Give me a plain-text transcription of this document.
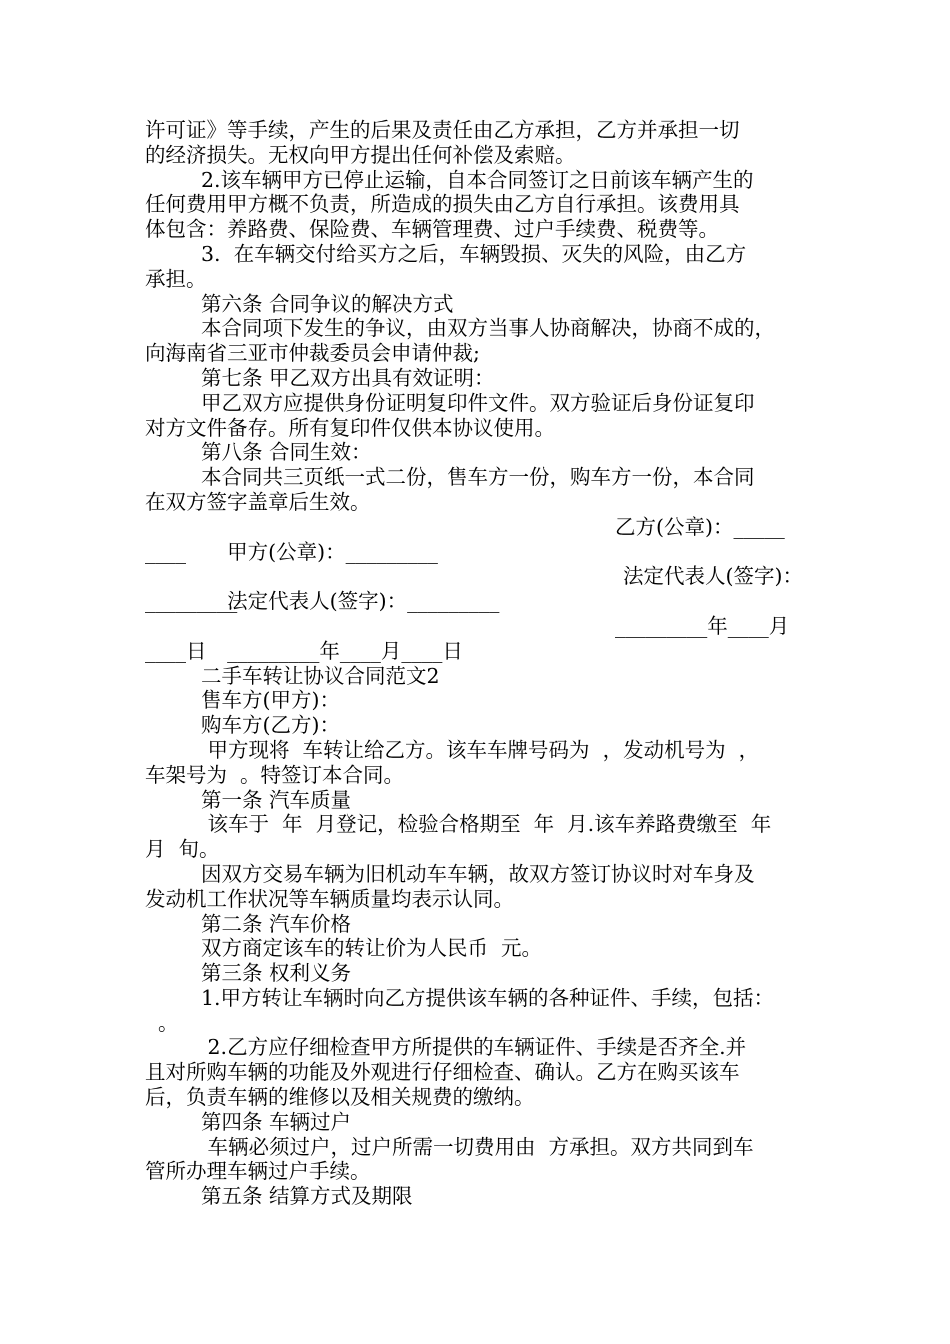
许可证》等手续，产生的后果及责任由乙方承担，乙方并承担一切
的经济损失。无权向甲方提出任何补偿及索赔。
2.该车辆甲方已停止运输，自本合同签订之日前该车辆产生的
任何费用甲方概不负责，所造成的损失由乙方自行承担。该费用具
体包含：养路费、保险费、车辆管理费、过户手续费、税费等。
3.  在车辆交付给买方之后，车辆毁损、灭失的风险，由乙方
承担。
第六条 合同争议的解决方式
本合同项下发生的争议，由双方当事人协商解决，协商不成的，
向海南省三亚市仲裁委员会申请仲裁;
第七条 甲乙双方出具有效证明：
甲乙双方应提供身份证明复印件文件。双方验证后身份证复印
对方文件备存。所有复印件仅供本协议使用。
第八条 合同生效：
本合同共三页纸一式二份，售车方一份，购车方一份，本合同
在双方签字盖章后生效。

甲方(公章)：_________

乙方(公章)：_____

____

法定代表人(签字)：_________

法定代表人(签字)：

_________

_________年____月____日

_________年____月

____日
二手车转让协议合同范文2
售车方(甲方)：
购车方(乙方)：
甲方现将  车转让给乙方。该车车牌号码为  ，发动机号为  ，
车架号为  。特签订本合同。
第一条 汽车质量
该车于  年  月登记，检验合格期至  年  月.该车养路费缴至  年
月  旬。
因双方交易车辆为旧机动车车辆，故双方签订协议时对车身及
发动机工作状况等车辆质量均表示认同。
第二条 汽车价格
双方商定该车的转让价为人民币  元。
第三条 权利义务
1.甲方转让车辆时向乙方提供该车辆的各种证件、手续，包括：
。
2.乙方应仔细检查甲方所提供的车辆证件、手续是否齐全.并
且对所购车辆的功能及外观进行仔细检查、确认。乙方在购买该车
后，负责车辆的维修以及相关规费的缴纳。
第四条 车辆过户
车辆必须过户，过户所需一切费用由  方承担。双方共同到车
管所办理车辆过户手续。
第五条 结算方式及期限
